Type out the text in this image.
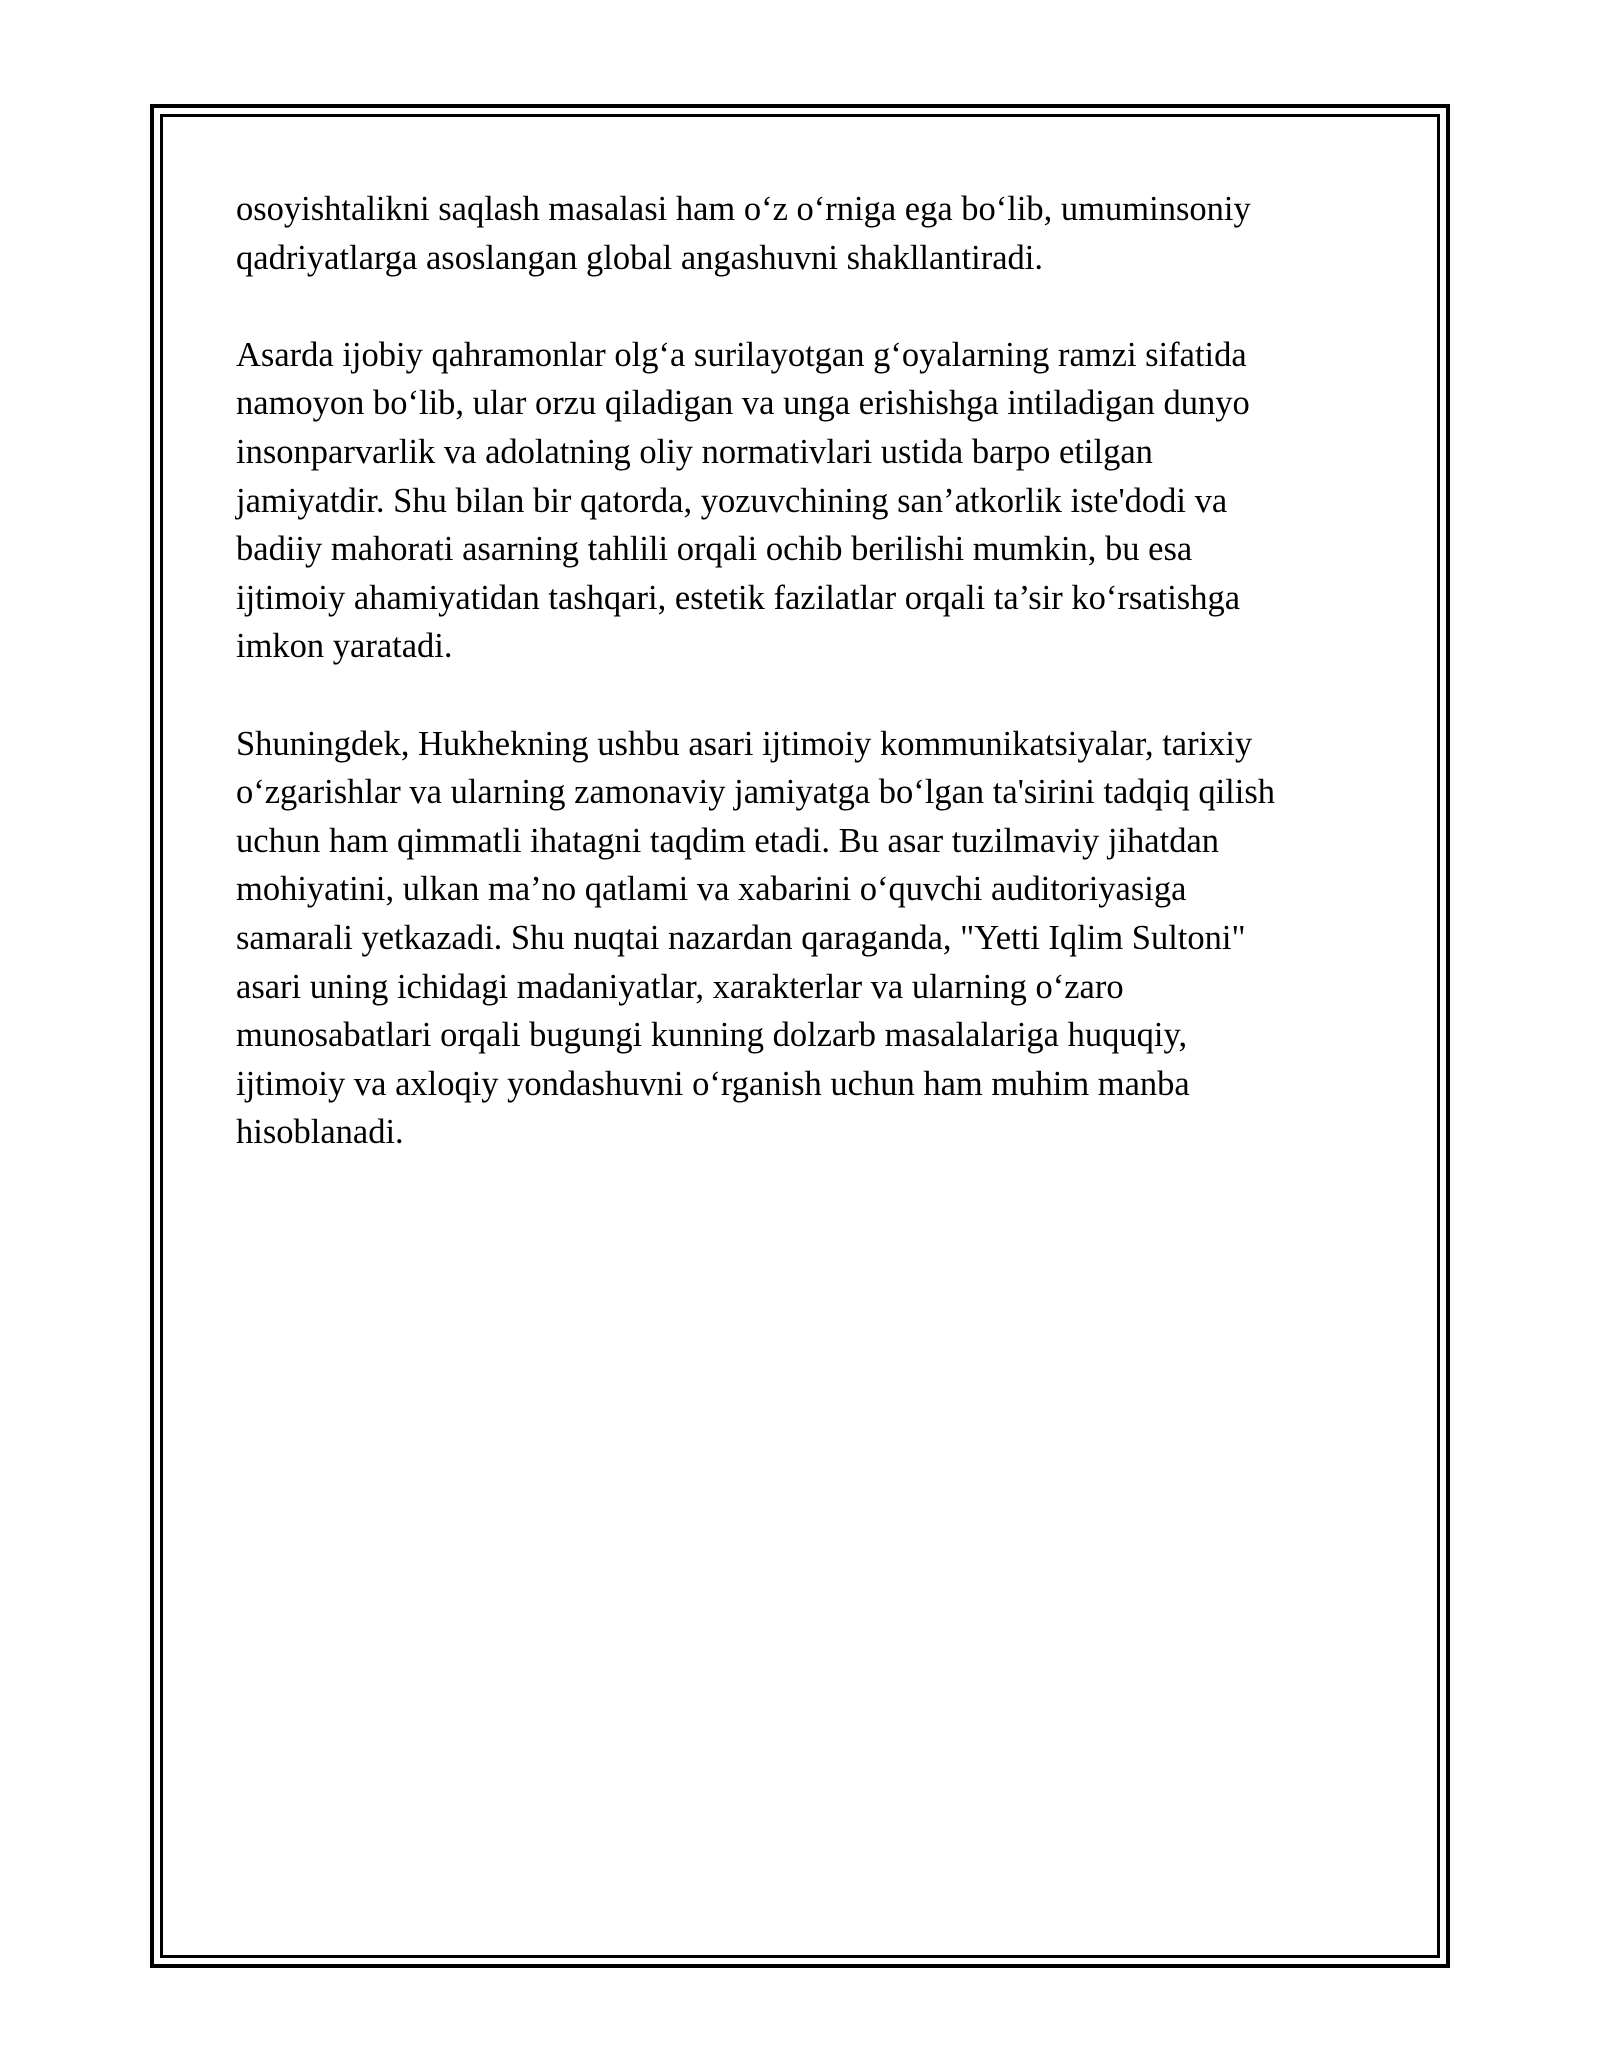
osoyishtalikni saqlash masalasi ham o‘z o‘rniga ega bo‘lib, umuminsoniy
qadriyatlarga asoslangan global angashuvni shakllantiradi.

Asarda ijobiy qahramonlar olg‘a surilayotgan g‘oyalarning ramzi sifatida
namoyon bo‘lib, ular orzu qiladigan va unga erishishga intiladigan dunyo
insonparvarlik va adolatning oliy normativlari ustida barpo etilgan
jamiyatdir. Shu bilan bir qatorda, yozuvchining san’atkorlik iste'dodi va
badiiy mahorati asarning tahlili orqali ochib berilishi mumkin, bu esa
ijtimoiy ahamiyatidan tashqari, estetik fazilatlar orqali ta’sir ko‘rsatishga
imkon yaratadi.

Shuningdek, Hukhekning ushbu asari ijtimoiy kommunikatsiyalar, tarixiy
o‘zgarishlar va ularning zamonaviy jamiyatga bo‘lgan ta'sirini tadqiq qilish
uchun ham qimmatli ihatagni taqdim etadi. Bu asar tuzilmaviy jihatdan
mohiyatini, ulkan ma’no qatlami va xabarini o‘quvchi auditoriyasiga
samarali yetkazadi. Shu nuqtai nazardan qaraganda, "Yetti Iqlim Sultoni"
asari uning ichidagi madaniyatlar, xarakterlar va ularning o‘zaro
munosabatlari orqali bugungi kunning dolzarb masalalariga huquqiy,
ijtimoiy va axloqiy yondashuvni o‘rganish uchun ham muhim manba
hisoblanadi.
